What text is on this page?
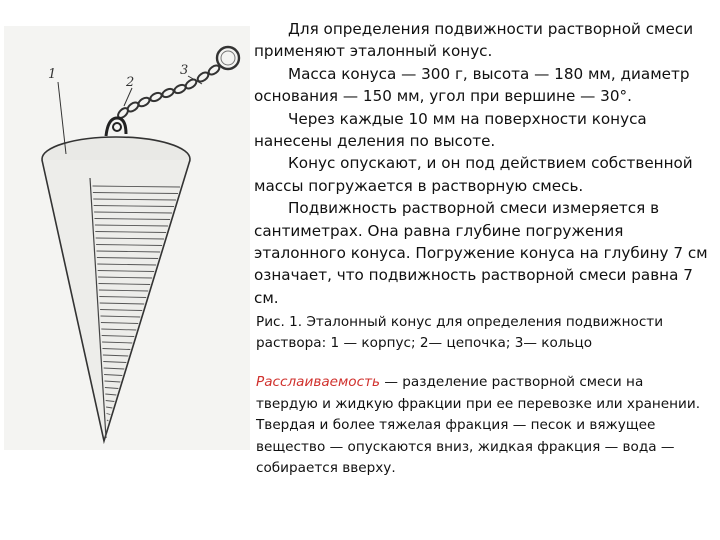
1
2
3

Для определения подвижности растворной смеси применяют эталонный конус.

Масса конуса — 300 г, высота — 180 мм, диаметр основания — 150 мм, угол при вершине — 30°.

Через каждые 10 мм на поверхности конуса нанесены деления по высоте.

Конус опускают, и он под действием собственной массы погружается в растворную смесь.

Подвижность растворной смеси измеряется в сантиметрах. Она равна глубине погружения эталонного конуса. Погружение конуса на глубину 7 см означает, что подвижность растворной смеси равна 7 см.

Рис. 1. Эталонный конус для определения подвижности раствора: 1 — корпус; 2— цепочка; 3— кольцо

Расслаиваемость — разделение растворной смеси на твердую и жидкую фракции при ее перевозке или хранении.

Твердая и более тяжелая фракция — песок и вяжущее вещество — опускаются вниз, жидкая фракция — вода — собирается вверху.
